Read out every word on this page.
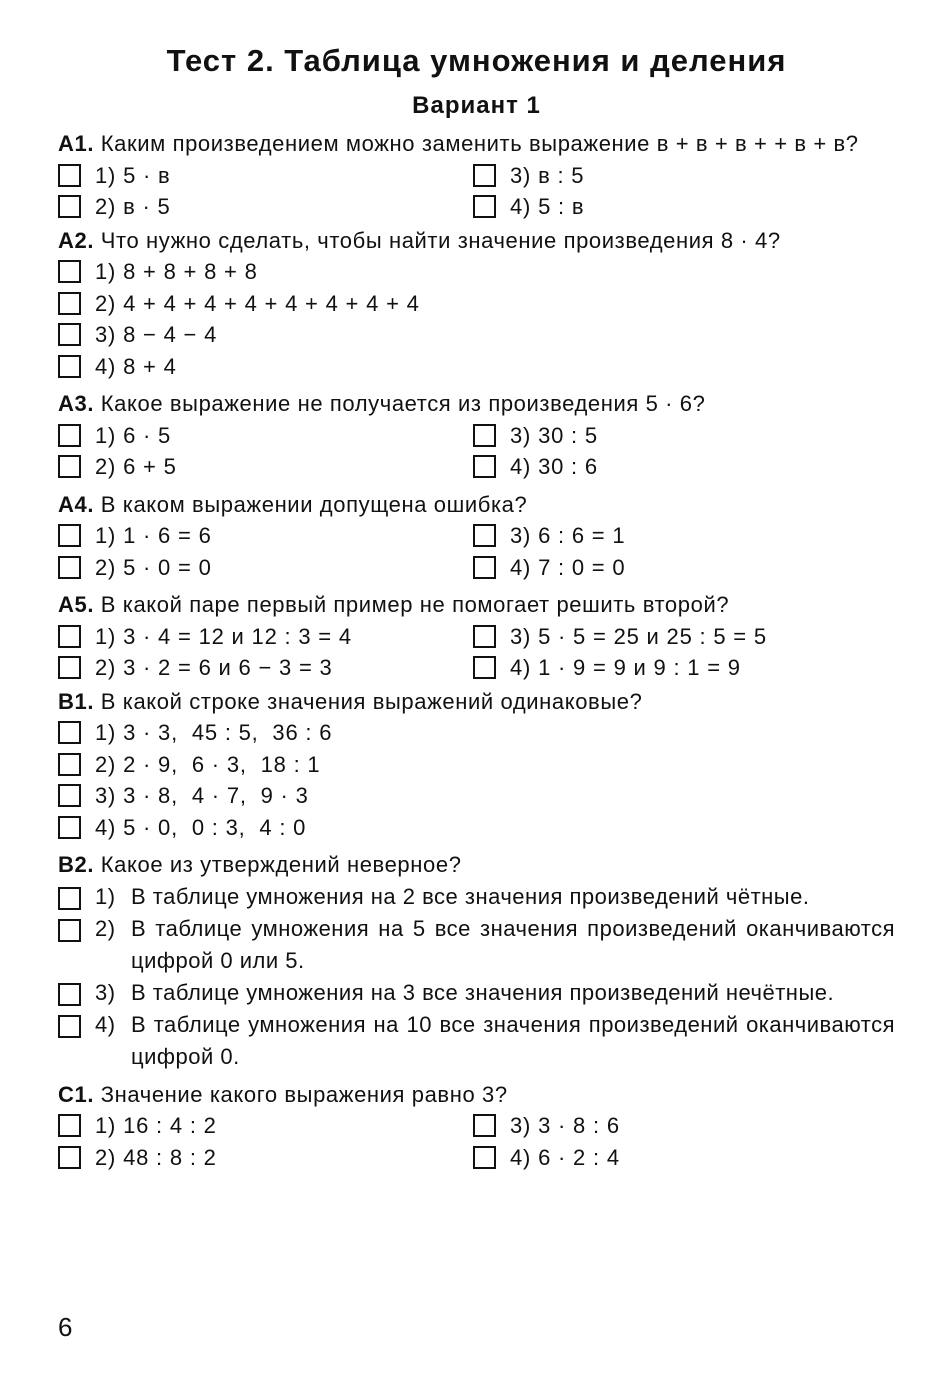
Тест 2. Таблица умножения и деления
Вариант 1
А1. Каким произведением можно заменить выражение в + в + в + + в + в?
1) 5 · в	3) в : 5
2) в · 5	4) 5 : в
А2. Что нужно сделать, чтобы найти значение произведения 8 · 4?
1) 8 + 8 + 8 + 8
2) 4 + 4 + 4 + 4 + 4 + 4 + 4 + 4
3) 8 − 4 − 4
4) 8 + 4
А3. Какое выражение не получается из произведения 5 · 6?
1) 6 · 5	3) 30 : 5
2) 6 + 5	4) 30 : 6
А4. В каком выражении допущена ошибка?
1) 1 · 6 = 6	3) 6 : 6 = 1
2) 5 · 0 = 0	4) 7 : 0 = 0
А5. В какой паре первый пример не помогает решить второй?
1) 3 · 4 = 12 и 12 : 3 = 4	3) 5 · 5 = 25 и 25 : 5 = 5
2) 3 · 2 = 6 и 6 − 3 = 3	4) 1 · 9 = 9 и 9 : 1 = 9
В1. В какой строке значения выражений одинаковые?
1) 3 · 3,  45 : 5,  36 : 6
2) 2 · 9,  6 · 3,  18 : 1
3) 3 · 8,  4 · 7,  9 · 3
4) 5 · 0,  0 : 3,  4 : 0
В2. Какое из утверждений неверное?
1) В таблице умножения на 2 все значения произведений чётные.
2) В таблице умножения на 5 все значения произведений оканчиваются цифрой 0 или 5.
3) В таблице умножения на 3 все значения произведений нечётные.
4) В таблице умножения на 10 все значения произведений оканчиваются цифрой 0.
С1. Значение какого выражения равно 3?
1) 16 : 4 : 2	3) 3 · 8 : 6
2) 48 : 8 : 2	4) 6 · 2 : 4
6
